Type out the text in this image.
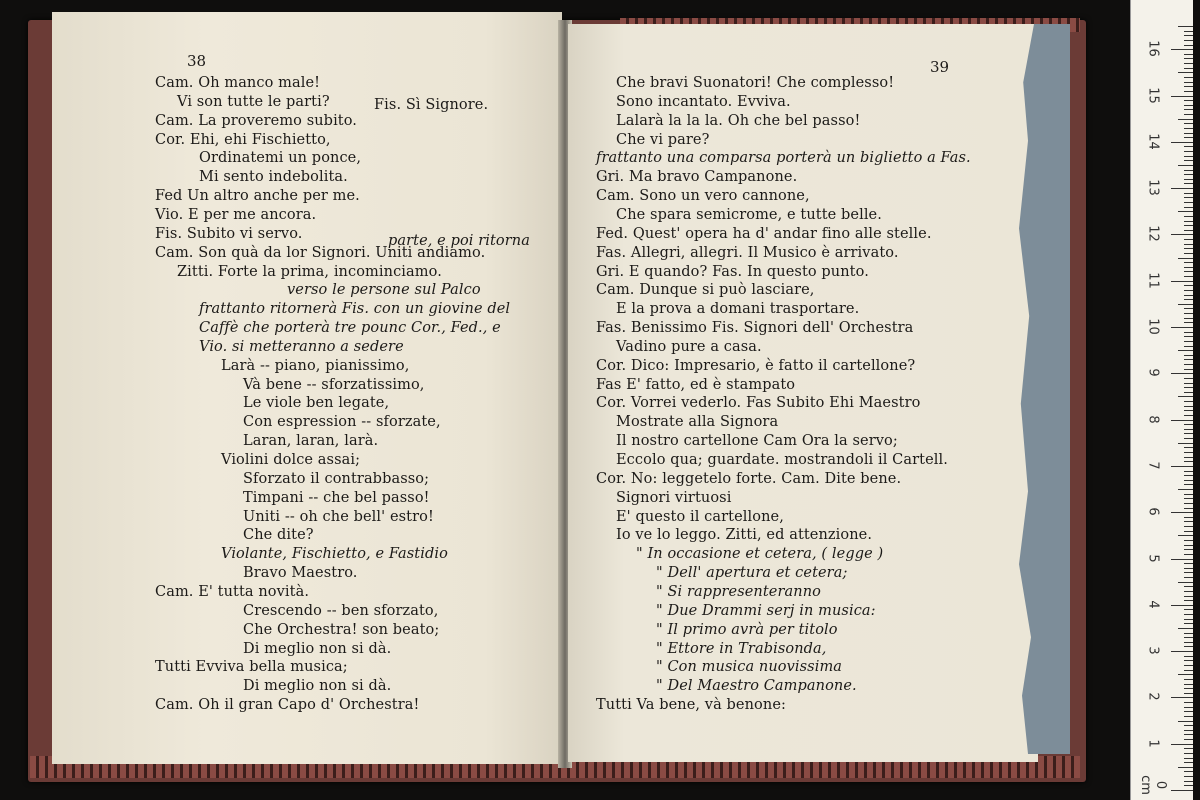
38
Fis. Sì Signore.
parte, e poi ritorna
Cam. Oh manco male!
Vi son tutte le parti?
Cam. La proveremo subito.
Cor. Ehi, ehi Fischietto,
Ordinatemi un ponce,
Mi sento indebolita.
Fed Un altro anche per me.
Vio. E per me ancora.
Fis. Subito vi servo.
Cam. Son quà da lor Signori. Uniti andiamo.
Zitti. Forte la prima, incominciamo.
verso le persone sul Palco
frattanto ritornerà Fis. con un giovine del
Caffè che porterà tre pounc Cor., Fed., e
Vio. si metteranno a sedere
Larà -- piano, pianissimo,
Và bene -- sforzatissimo,
Le viole ben legate,
Con espression -- sforzate,
Laran, laran, larà.
Violini dolce assai;
Sforzato il contrabbasso;
Timpani -- che bel passo!
Uniti -- oh che bell' estro!
Che dite?
Violante, Fischietto, e Fastidio
Bravo Maestro.
Cam. E' tutta novità.
Crescendo -- ben sforzato,
Che Orchestra! son beato;
Di meglio non si dà.
Tutti Evviva bella musica;
Di meglio non si dà.
Cam. Oh il gran Capo d' Orchestra!
39
Che bravi Suonatori! Che complesso!
Sono incantato. Evviva.
Lalarà la la la. Oh che bel passo!
Che vi pare?
frattanto una comparsa porterà un biglietto a Fas.
Gri. Ma bravo Campanone.
Cam. Sono un vero cannone,
Che spara semicrome, e tutte belle.
Fed. Quest' opera ha d' andar fino alle stelle.
Fas. Allegri, allegri. Il Musico è arrivato.
Gri. E quando? Fas. In questo punto.
Cam. Dunque si può lasciare,
E la prova a domani trasportare.
Fas. Benissimo Fis. Signori dell' Orchestra
Vadino pure a casa.
Cor. Dico: Impresario, è fatto il cartellone?
Fas E' fatto, ed è stampato
Cor. Vorrei vederlo. Fas Subito Ehi Maestro
Mostrate alla Signora
Il nostro cartellone Cam Ora la servo;
Eccolo qua; guardate. mostrandoli il Cartell.
Cor. No: leggetelo forte. Cam. Dite bene.
Signori virtuosi
E' questo il cartellone,
Io ve lo leggo. Zitti, ed attenzione.
" In occasione et cetera, ( legge )
" Dell' apertura et cetera;
" Si rappresenteranno
" Due Drammi serj in musica:
" Il primo avrà per titolo
" Ettore in Trabisonda,
" Con musica nuovissima
" Del Maestro Campanone.
Tutti Va bene, và benone:
16
15
14
13
12
11
10
9
8
7
6
5
4
3
2
1
0 cm
